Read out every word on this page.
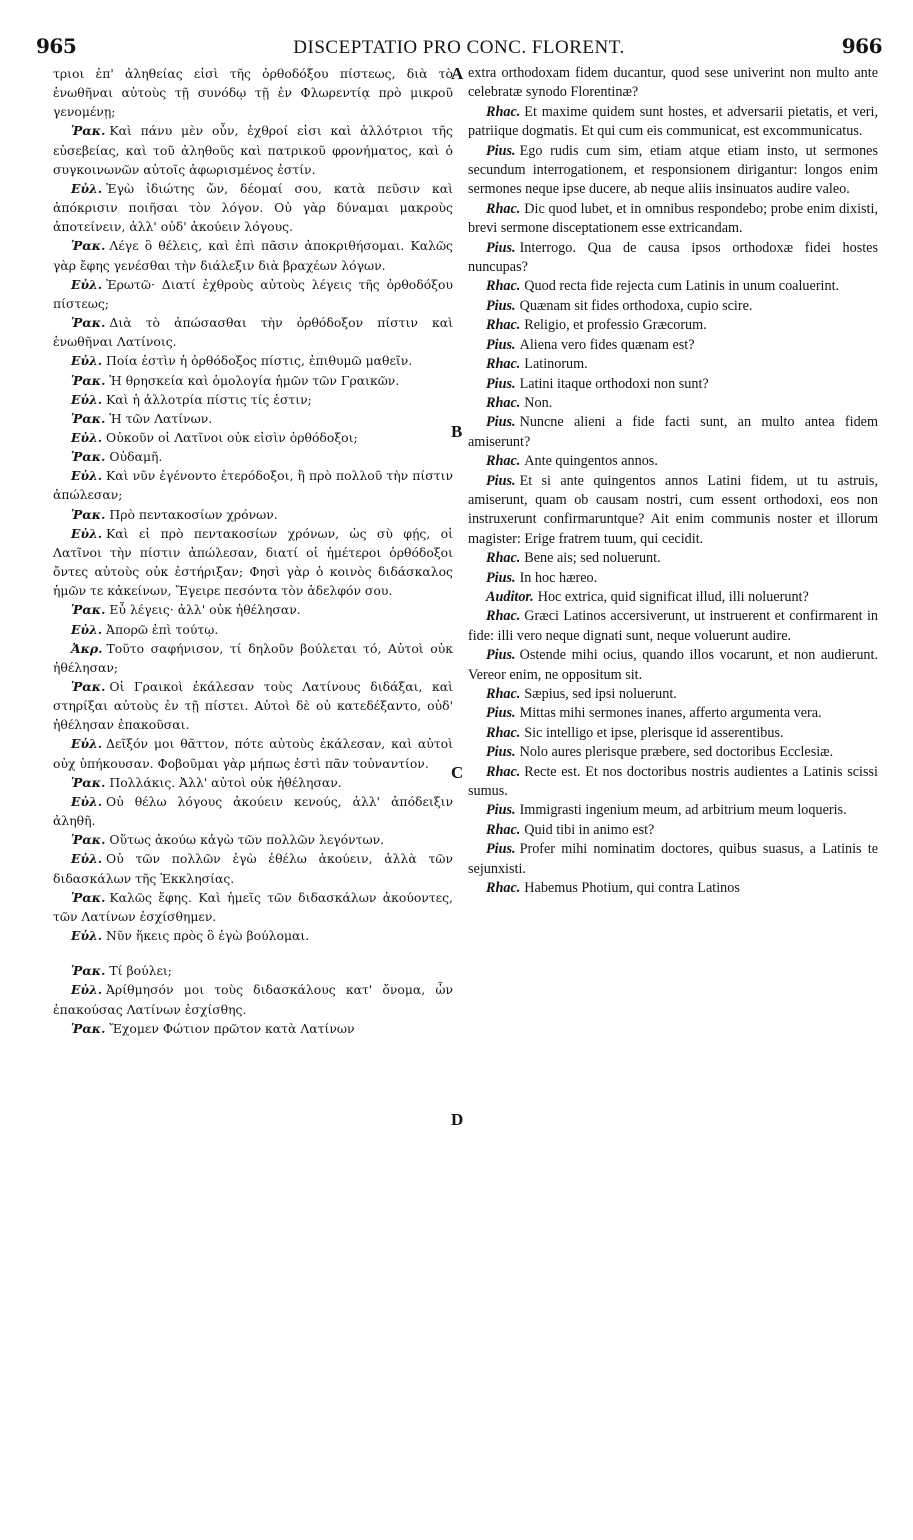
965	DISCEPTATIO PRO CONC. FLORENT.	966

τριοι ἐπ' ἀληθείας εἰσὶ τῆς ὀρθοδόξου πίστεως, διὰ τὸ ἑνωθῆναι αὐτοὺς τῇ συνόδῳ τῇ ἐν Φλωρεντίᾳ πρὸ μικροῦ γενομένῃ;

Ῥακ. Καὶ πάνυ μὲν οὖν, ἐχθροί εἰσι καὶ ἀλλότριοι τῆς εὐσεβείας, καὶ τοῦ ἀληθοῦς καὶ πατρικοῦ φρονήματος, καὶ ὁ συγκοινωνῶν αὐτοῖς ἀφωρισμένος ἐστίν.

Εὐλ. Ἐγὼ ἰδιώτης ὤν, δέομαί σου, κατὰ πεῦσιν καὶ ἀπόκρισιν ποιῆσαι τὸν λόγον. Οὐ γὰρ δύναμαι μακροὺς ἀποτείνειν, ἀλλ' οὐδ' ἀκούειν λόγους.

Ῥακ. Λέγε ὃ θέλεις, καὶ ἐπὶ πᾶσιν ἀποκριθήσομαι. Καλῶς γὰρ ἔφης γενέσθαι τὴν διάλεξιν διὰ βραχέων λόγων.

Εὐλ. Ἐρωτῶ· Διατί ἐχθροὺς αὐτοὺς λέγεις τῆς ὀρθοδόξου πίστεως;

Ῥακ. Διὰ τὸ ἀπώσασθαι τὴν ὀρθόδοξον πίστιν καὶ ἑνωθῆναι Λατίνοις.

Εὐλ. Ποία ἐστὶν ἡ ὀρθόδοξος πίστις, ἐπιθυμῶ μαθεῖν.

Ῥακ. Ἡ θρησκεία καὶ ὁμολογία ἡμῶν τῶν Γραικῶν.

Εὐλ. Καὶ ἡ ἀλλοτρία πίστις τίς ἐστιν;

Ῥακ. Ἡ τῶν Λατίνων.

Εὐλ. Οὐκοῦν οἱ Λατῖνοι οὐκ εἰσὶν ὀρθόδοξοι;

Ῥακ. Οὐδαμῆ.

Εὐλ. Καὶ νῦν ἐγένοντο ἑτερόδοξοι, ἢ πρὸ πολλοῦ τὴν πίστιν ἀπώλεσαν;

Ῥακ. Πρὸ πεντακοσίων χρόνων.

Εὐλ. Καὶ εἰ πρὸ πεντακοσίων χρόνων, ὡς σὺ φῄς, οἱ Λατῖνοι τὴν πίστιν ἀπώλεσαν, διατί οἱ ἡμέτεροι ὀρθόδοξοι ὄντες αὐτοὺς οὐκ ἐστήριξαν; Φησὶ γὰρ ὁ κοινὸς διδάσκαλος ἡμῶν τε κἀκείνων, Ἔγειρε πεσόντα τὸν ἀδελφόν σου.

Ῥακ. Εὖ λέγεις· ἀλλ' οὐκ ἠθέλησαν.

Εὐλ. Ἀπορῶ ἐπὶ τούτῳ.

Ἀκρ. Τοῦτο σαφήνισον, τί δηλοῦν βούλεται τό, Αὐτοὶ οὐκ ἠθέλησαν;

Ῥακ. Οἱ Γραικοὶ ἐκάλεσαν τοὺς Λατίνους διδάξαι, καὶ στηρίξαι αὐτοὺς ἐν τῇ πίστει. Αὐτοὶ δὲ οὐ κατεδέξαντο, οὐδ' ἠθέλησαν ἐπακοῦσαι.

Εὐλ. Δεῖξόν μοι θᾶττον, πότε αὐτοὺς ἐκάλεσαν, καὶ αὐτοὶ οὐχ ὑπήκουσαν. Φοβοῦμαι γὰρ μήπως ἐστὶ πᾶν τοὐναντίον.

Ῥακ. Πολλάκις. Ἀλλ' αὐτοὶ οὐκ ἠθέλησαν.

Εὐλ. Οὐ θέλω λόγους ἀκούειν κενούς, ἀλλ' ἀπόδειξιν ἀληθῆ.

Ῥακ. Οὕτως ἀκούω κἀγὼ τῶν πολλῶν λεγόντων.

Εὐλ. Οὐ τῶν πολλῶν ἐγὼ ἐθέλω ἀκούειν, ἀλλὰ τῶν διδασκάλων τῆς Ἐκκλησίας.

Ῥακ. Καλῶς ἔφης. Καὶ ἡμεῖς τῶν διδασκάλων ἀκούοντες, τῶν Λατίνων ἐσχίσθημεν.

Εὐλ. Νῦν ἥκεις πρὸς ὃ ἐγὼ βούλομαι.

Ῥακ. Τί βούλει;

Εὐλ. Ἀρίθμησόν μοι τοὺς διδασκάλους κατ' ὄνομα, ὧν ἐπακούσας Λατίνων ἐσχίσθης.

Ῥακ. Ἔχομεν Φώτιον πρῶτον κατὰ Λατίνων

extra orthodoxam fidem ducantur, quod sese univerint non multo ante celebratæ synodo Florentinæ?

Rhac. Et maxime quidem sunt hostes, et adversarii pietatis, et veri, patriique dogmatis. Et qui cum eis communicat, est excommunicatus.

Pius. Ego rudis cum sim, etiam atque etiam insto, ut sermones secundum interrogationem, et responsionem dirigantur: longos enim sermones neque ipse ducere, ab neque aliis insinuatos audire valeo.

Rhac. Dic quod lubet, et in omnibus respondebo; probe enim dixisti, brevi sermone disceptationem esse extricandam.

Pius. Interrogo. Qua de causa ipsos orthodoxæ fidei hostes nuncupas?

Rhac. Quod recta fide rejecta cum Latinis in unum coaluerint.

Pius. Quænam sit fides orthodoxa, cupio scire.

Rhac. Religio, et professio Græcorum.

Pius. Aliena vero fides quænam est?

Rhac. Latinorum.

Pius. Latini itaque orthodoxi non sunt?

Rhac. Non.

Pius. Nuncne alieni a fide facti sunt, an multo antea fidem amiserunt?

Rhac. Ante quingentos annos.

Pius. Et si ante quingentos annos Latini fidem, ut tu astruis, amiserunt, quam ob causam nostri, cum essent orthodoxi, eos non instruxerunt confirmaruntque? Ait enim communis noster et illorum magister: Erige fratrem tuum, qui cecidit.

Rhac. Bene ais; sed noluerunt.

Pius. In hoc hæreo.

Auditor. Hoc extrica, quid significat illud, illi noluerunt?

Rhac. Græci Latinos accersiverunt, ut instruerent et confirmarent in fide: illi vero neque dignati sunt, neque voluerunt audire.

Pius. Ostende mihi ocius, quando illos vocarunt, et non audierunt. Vereor enim, ne oppositum sit.

Rhac. Sæpius, sed ipsi noluerunt.

Pius. Mittas mihi sermones inanes, afferto argumenta vera.

Rhac. Sic intelligo et ipse, plerisque id asserentibus.

Pius. Nolo aures plerisque præbere, sed doctoribus Ecclesiæ.

Rhac. Recte est. Et nos doctoribus nostris audientes a Latinis scissi sumus.

Pius. Immigrasti ingenium meum, ad arbitrium meum loqueris.

Rhac. Quid tibi in animo est?

Pius. Profer mihi nominatim doctores, quibus suasus, a Latinis te sejunxisti.

Rhac. Habemus Photium, qui contra Latinos

A
B
C
D
